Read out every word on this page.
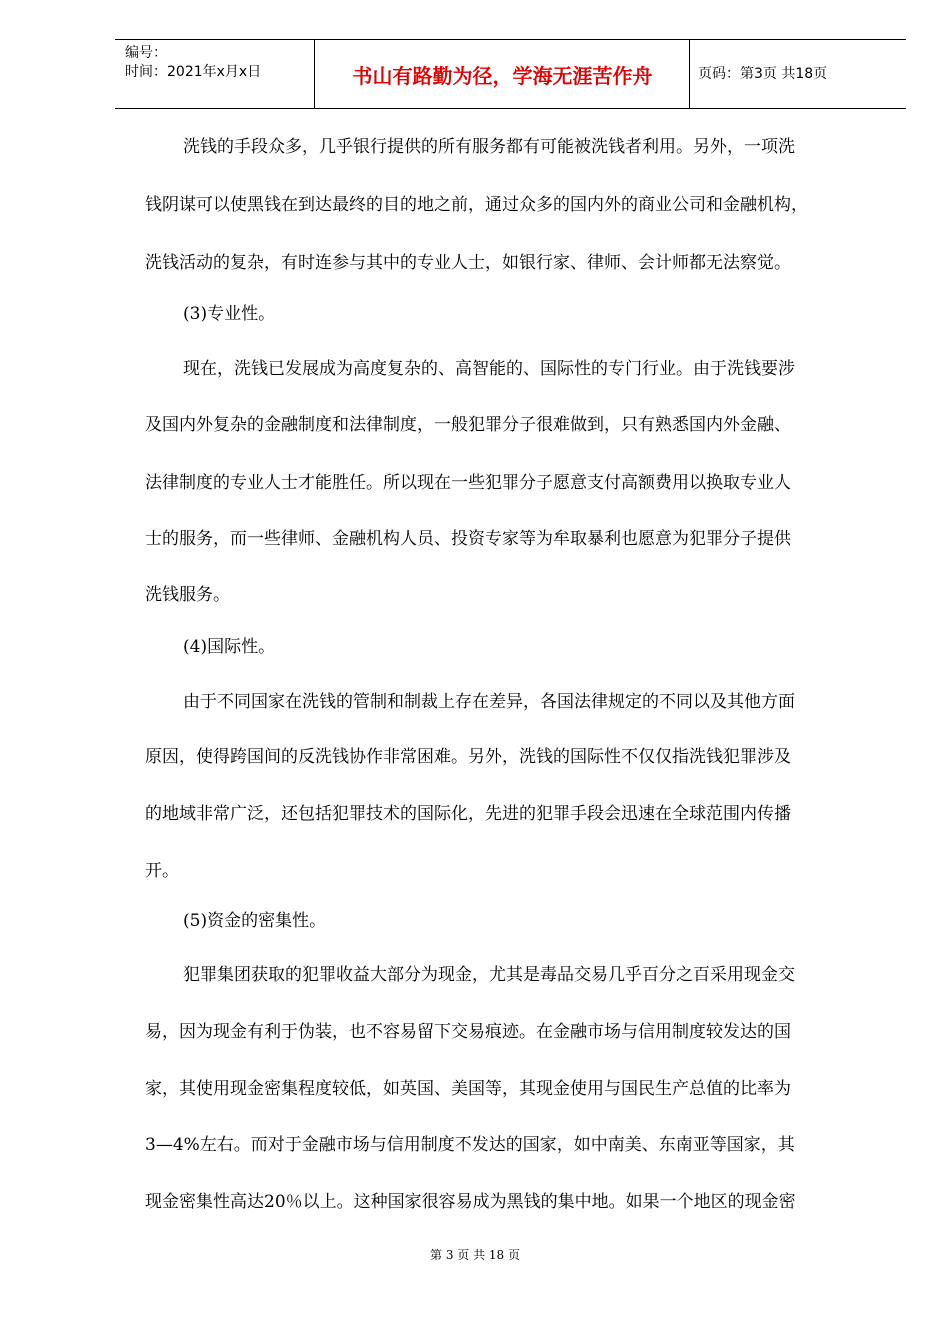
编号：
时间：2021年x月x日	书山有路勤为径，学海无涯苦作舟	页码：第3页 共18页
洗钱的手段众多，几乎银行提供的所有服务都有可能被洗钱者利用。另外，一项洗
钱阴谋可以使黑钱在到达最终的目的地之前，通过众多的国内外的商业公司和金融机构，
洗钱活动的复杂，有时连参与其中的专业人士，如银行家、律师、会计师都无法察觉。
(3)专业性。
现在，洗钱已发展成为高度复杂的、高智能的、国际性的专门行业。由于洗钱要涉
及国内外复杂的金融制度和法律制度，一般犯罪分子很难做到，只有熟悉国内外金融、
法律制度的专业人士才能胜任。所以现在一些犯罪分子愿意支付高额费用以换取专业人
士的服务，而一些律师、金融机构人员、投资专家等为牟取暴利也愿意为犯罪分子提供
洗钱服务。
(4)国际性。
由于不同国家在洗钱的管制和制裁上存在差异，各国法律规定的不同以及其他方面
原因，使得跨国间的反洗钱协作非常困难。另外，洗钱的国际性不仅仅指洗钱犯罪涉及
的地域非常广泛，还包括犯罪技术的国际化，先进的犯罪手段会迅速在全球范围内传播
开。
(5)资金的密集性。
犯罪集团获取的犯罪收益大部分为现金，尤其是毒品交易几乎百分之百采用现金交
易，因为现金有利于伪装，也不容易留下交易痕迹。在金融市场与信用制度较发达的国
家，其使用现金密集程度较低，如英国、美国等，其现金使用与国民生产总值的比率为
3—4%左右。而对于金融市场与信用制度不发达的国家，如中南美、东南亚等国家，其
现金密集性高达20％以上。这种国家很容易成为黑钱的集中地。如果一个地区的现金密
第 3 页 共 18 页
